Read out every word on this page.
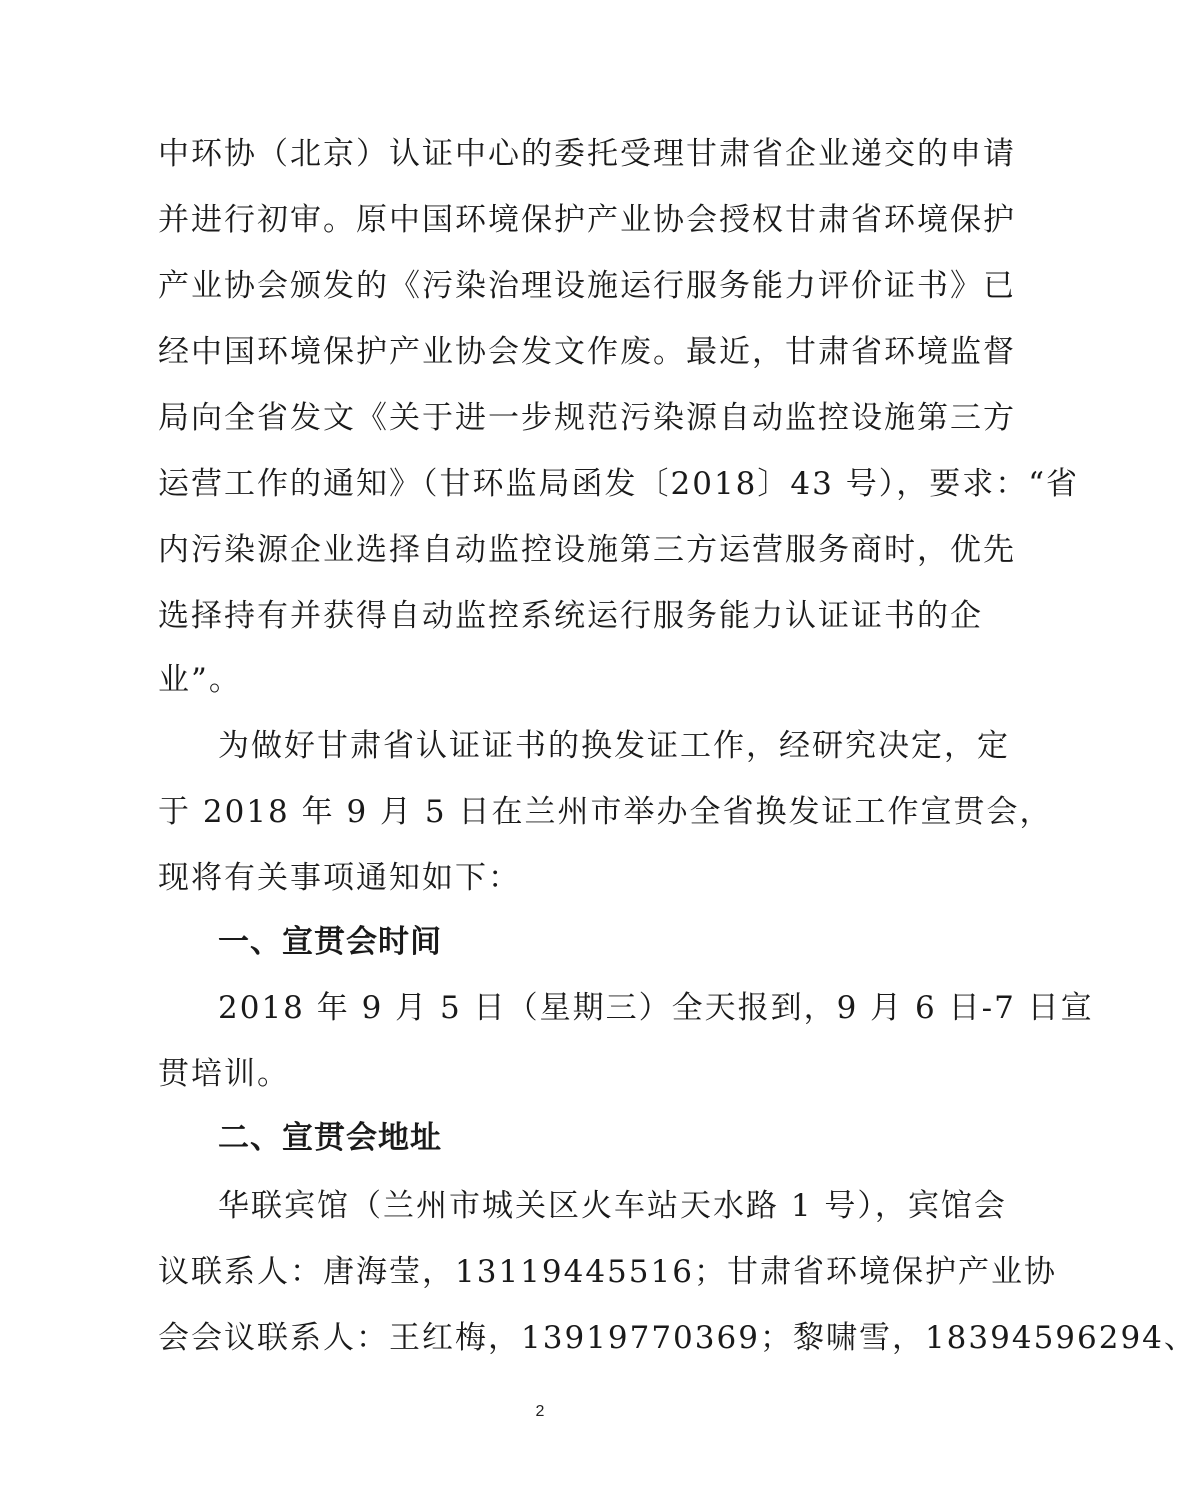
中环协（北京）认证中心的委托受理甘肃省企业递交的申请
并进行初审。原中国环境保护产业协会授权甘肃省环境保护
产业协会颁发的《污染治理设施运行服务能力评价证书》已
经中国环境保护产业协会发文作废。最近，甘肃省环境监督
局向全省发文《关于进一步规范污染源自动监控设施第三方
运营工作的通知》（甘环监局函发〔2018〕43 号），要求：“省
内污染源企业选择自动监控设施第三方运营服务商时，优先
选择持有并获得自动监控系统运行服务能力认证证书的企
业”。
为做好甘肃省认证证书的换发证工作，经研究决定，定
于 2018 年 9 月 5 日在兰州市举办全省换发证工作宣贯会，
现将有关事项通知如下：
一、宣贯会时间
2018 年 9 月 5 日（星期三）全天报到，9 月 6 日-7 日宣
贯培训。
二、宣贯会地址
华联宾馆（兰州市城关区火车站天水路 1 号），宾馆会
议联系人：唐海莹，13119445516；甘肃省环境保护产业协
会会议联系人：王红梅，13919770369；黎啸雪，18394596294、
2
